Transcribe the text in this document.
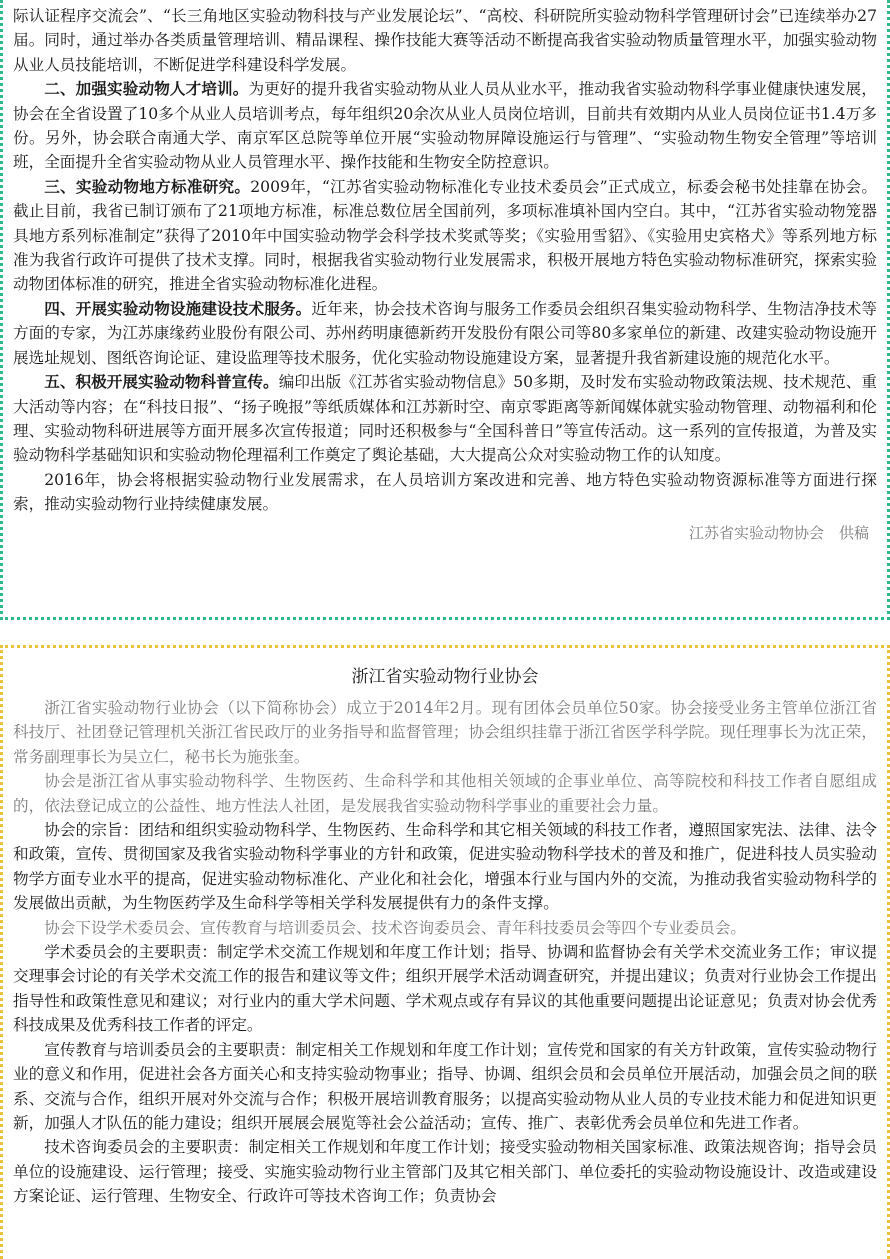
际认证程序交流会”、“长三角地区实验动物科技与产业发展论坛”、“高校、科研院所实验动物科学管理研讨会”已连续举办27届。同时，通过举办各类质量管理培训、精品课程、操作技能大赛等活动不断提高我省实验动物质量管理水平，加强实验动物从业人员技能培训，不断促进学科建设科学发展。

二、加强实验动物人才培训。为更好的提升我省实验动物从业人员从业水平，推动我省实验动物科学事业健康快速发展，协会在全省设置了10多个从业人员培训考点，每年组织20余次从业人员岗位培训，目前共有效期内从业人员岗位证书1.4万多份。另外，协会联合南通大学、南京军区总院等单位开展“实验动物屏障设施运行与管理”、“实验动物生物安全管理”等培训班，全面提升全省实验动物从业人员管理水平、操作技能和生物安全防控意识。

三、实验动物地方标准研究。2009年，“江苏省实验动物标准化专业技术委员会”正式成立，标委会秘书处挂靠在协会。截止目前，我省已制订颁布了21项地方标准，标准总数位居全国前列，多项标准填补国内空白。其中，“江苏省实验动物笼器具地方系列标准制定”获得了2010年中国实验动物学会科学技术奖贰等奖；《实验用雪貂》、《实验用史宾格犬》等系列地方标准为我省行政许可提供了技术支撑。同时，根据我省实验动物行业发展需求，积极开展地方特色实验动物标准研究，探索实验动物团体标准的研究，推进全省实验动物标准化进程。

四、开展实验动物设施建设技术服务。近年来，协会技术咨询与服务工作委员会组织召集实验动物科学、生物洁净技术等方面的专家，为江苏康缘药业股份有限公司、苏州药明康德新药开发股份有限公司等80多家单位的新建、改建实验动物设施开展选址规划、图纸咨询论证、建设监理等技术服务，优化实验动物设施建设方案，显著提升我省新建设施的规范化水平。

五、积极开展实验动物科普宣传。编印出版《江苏省实验动物信息》50多期，及时发布实验动物政策法规、技术规范、重大活动等内容；在“科技日报”、“扬子晚报”等纸质媒体和江苏新时空、南京零距离等新闻媒体就实验动物管理、动物福利和伦理、实验动物科研进展等方面开展多次宣传报道；同时还积极参与“全国科普日”等宣传活动。这一系列的宣传报道，为普及实验动物科学基础知识和实验动物伦理福利工作奠定了舆论基础，大大提高公众对实验动物工作的认知度。

2016年，协会将根据实验动物行业发展需求，在人员培训方案改进和完善、地方特色实验动物资源标准等方面进行探索，推动实验动物行业持续健康发展。

江苏省实验动物协会　供稿
浙江省实验动物行业协会

浙江省实验动物行业协会（以下简称协会）成立于2014年2月。现有团体会员单位50家。协会接受业务主管单位浙江省科技厅、社团登记管理机关浙江省民政厅的业务指导和监督管理；协会组织挂靠于浙江省医学科学院。现任理事长为沈正荣，常务副理事长为吴立仁，秘书长为施张奎。

协会是浙江省从事实验动物科学、生物医药、生命科学和其他相关领域的企事业单位、高等院校和科技工作者自愿组成的，依法登记成立的公益性、地方性法人社团，是发展我省实验动物科学事业的重要社会力量。

协会的宗旨：团结和组织实验动物科学、生物医药、生命科学和其它相关领域的科技工作者，遵照国家宪法、法律、法令和政策，宣传、贯彻国家及我省实验动物科学事业的方针和政策，促进实验动物科学技术的普及和推广，促进科技人员实验动物学方面专业水平的提高，促进实验动物标准化、产业化和社会化，增强本行业与国内外的交流，为推动我省实验动物科学的发展做出贡献，为生物医药学及生命科学等相关学科发展提供有力的条件支撑。

协会下设学术委员会、宣传教育与培训委员会、技术咨询委员会、青年科技委员会等四个专业委员会。

学术委员会的主要职责：制定学术交流工作规划和年度工作计划；指导、协调和监督协会有关学术交流业务工作；审议提交理事会讨论的有关学术交流工作的报告和建议等文件；组织开展学术活动调查研究，并提出建议；负责对行业协会工作提出指导性和政策性意见和建议；对行业内的重大学术问题、学术观点或存有异议的其他重要问题提出论证意见；负责对协会优秀科技成果及优秀科技工作者的评定。

宣传教育与培训委员会的主要职责：制定相关工作规划和年度工作计划；宣传党和国家的有关方针政策，宣传实验动物行业的意义和作用，促进社会各方面关心和支持实验动物事业；指导、协调、组织会员和会员单位开展活动，加强会员之间的联系、交流与合作，组织开展对外交流与合作；积极开展培训教育服务；以提高实验动物从业人员的专业技术能力和促进知识更新，加强人才队伍的能力建设；组织开展展会展览等社会公益活动；宣传、推广、表彰优秀会员单位和先进工作者。

技术咨询委员会的主要职责：制定相关工作规划和年度工作计划；接受实验动物相关国家标准、政策法规咨询；指导会员单位的设施建设、运行管理；接受、实施实验动物行业主管部门及其它相关部门、单位委托的实验动物设施设计、改造或建设方案论证、运行管理、生物安全、行政许可等技术咨询工作；负责协会
